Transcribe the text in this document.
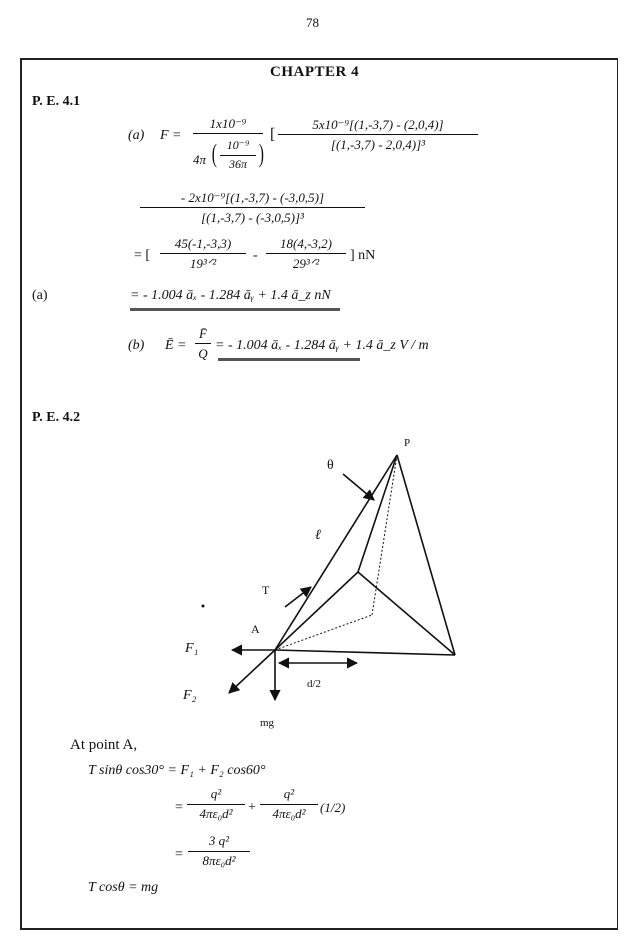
78
CHAPTER 4
P. E. 4.1
(a) F =
1x10⁻⁹
4π ( 10⁻⁹
36π )
[
5x10⁻⁹[(1,-3,7) - (2,0,4)]
[(1,-3,7) - 2,0,4)]³
- 2x10⁻⁹[(1,-3,7) - (-3,0,5)]
[(1,-3,7) - (-3,0,5)]³
= [
45(-1,-3,3)
19³ᐟ²
-
18(4,-3,2)
29³ᐟ²
] nN
(a)	= - 1.004 āₓ - 1.284 āᵧ + 1.4 ā_z nN
(b) Ē =
F̄
Q
= - 1.004 āₓ - 1.284 āᵧ + 1.4 ā_z V / m
P. E. 4.2
P
θ
ℓ
T
A
F₁
F₂
d/2
mg
At point A,
T sinθ cos30° = F₁ + F₂ cos60°
=
q²
4πε₀d²	+
q²
4πε₀d²	(1/2)
=
3 q²
8πε₀d²
T cosθ = mg
